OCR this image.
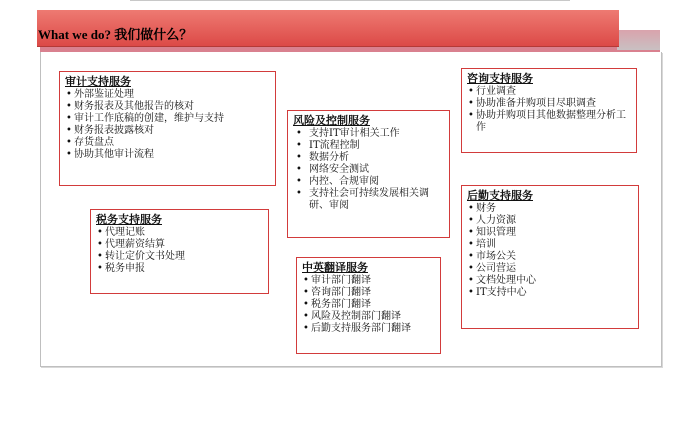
What we do? 我们做什么？
审计支持服务
• 外部鉴证处理
• 财务报表及其他报告的核对
• 审计工作底稿的创建，维护与支持
• 财务报表披露核对
• 存货盘点
• 协助其他审计流程
风险及控制服务
• 支持IT审计相关工作
• IT流程控制
• 数据分析
• 网络安全测试
• 内控、合规审阅
• 支持社会可持续发展相关调研、审阅
咨询支持服务
• 行业调查
• 协助准备并购项目尽职调查
• 协助并购项目其他数据整理分析工作
税务支持服务
• 代理记账
• 代理薪资结算
• 转让定价文书处理
• 税务申报	中英翻译服务
• 审计部门翻译
• 咨询部门翻译
• 税务部门翻译
• 风险及控制部门翻译
• 后勤支持服务部门翻译
后勤支持服务
• 财务
• 人力资源
• 知识管理
• 培训
• 市场公关
• 公司营运
• 文档处理中心
• IT支持中心
